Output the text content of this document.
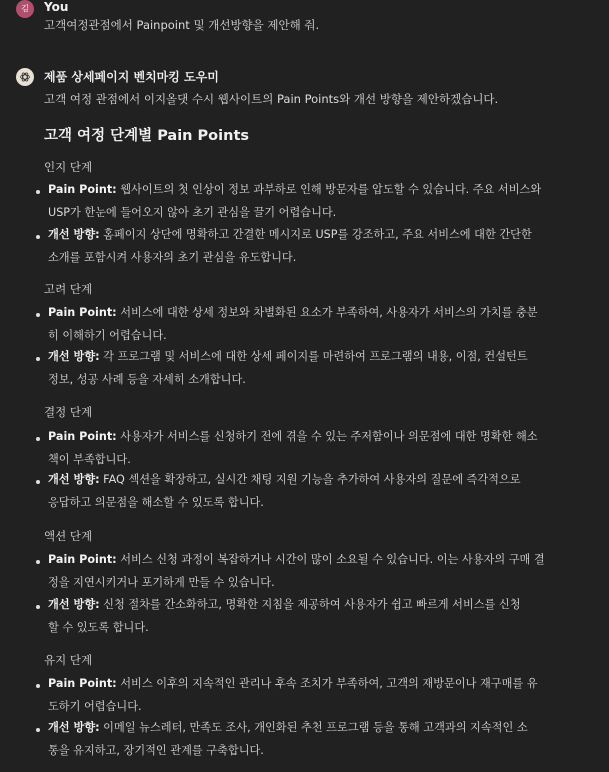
김 You
고객여정관점에서 Painpoint 및 개선방향을 제안해 줘.
제품 상세페이지 벤치마킹 도우미
고객 여정 관점에서 이지올댓 수시 웹사이트의 Pain Points와 개선 방향을 제안하겠습니다.
고객 여정 단계별 Pain Points
인지 단계
Pain Point: 웹사이트의 첫 인상이 정보 과부하로 인해 방문자를 압도할 수 있습니다. 주요 서비스와
USP가 한눈에 들어오지 않아 초기 관심을 끌기 어렵습니다.
개선 방향: 홈페이지 상단에 명확하고 간결한 메시지로 USP를 강조하고, 주요 서비스에 대한 간단한
소개를 포함시켜 사용자의 초기 관심을 유도합니다.
고려 단계
Pain Point: 서비스에 대한 상세 정보와 차별화된 요소가 부족하여, 사용자가 서비스의 가치를 충분
히 이해하기 어렵습니다.
개선 방향: 각 프로그램 및 서비스에 대한 상세 페이지를 마련하여 프로그램의 내용, 이점, 컨설턴트
정보, 성공 사례 등을 자세히 소개합니다.
결정 단계
Pain Point: 사용자가 서비스를 신청하기 전에 겪을 수 있는 주저함이나 의문점에 대한 명확한 해소
책이 부족합니다.
개선 방향: FAQ 섹션을 확장하고, 실시간 채팅 지원 기능을 추가하여 사용자의 질문에 즉각적으로
응답하고 의문점을 해소할 수 있도록 합니다.
액션 단계
Pain Point: 서비스 신청 과정이 복잡하거나 시간이 많이 소요될 수 있습니다. 이는 사용자의 구매 결
정을 지연시키거나 포기하게 만들 수 있습니다.
개선 방향: 신청 절차를 간소화하고, 명확한 지침을 제공하여 사용자가 쉽고 빠르게 서비스를 신청
할 수 있도록 합니다.
유지 단계
Pain Point: 서비스 이후의 지속적인 관리나 후속 조치가 부족하여, 고객의 재방문이나 재구매를 유
도하기 어렵습니다.
개선 방향: 이메일 뉴스레터, 만족도 조사, 개인화된 추천 프로그램 등을 통해 고객과의 지속적인 소
통을 유지하고, 장기적인 관계를 구축합니다.
